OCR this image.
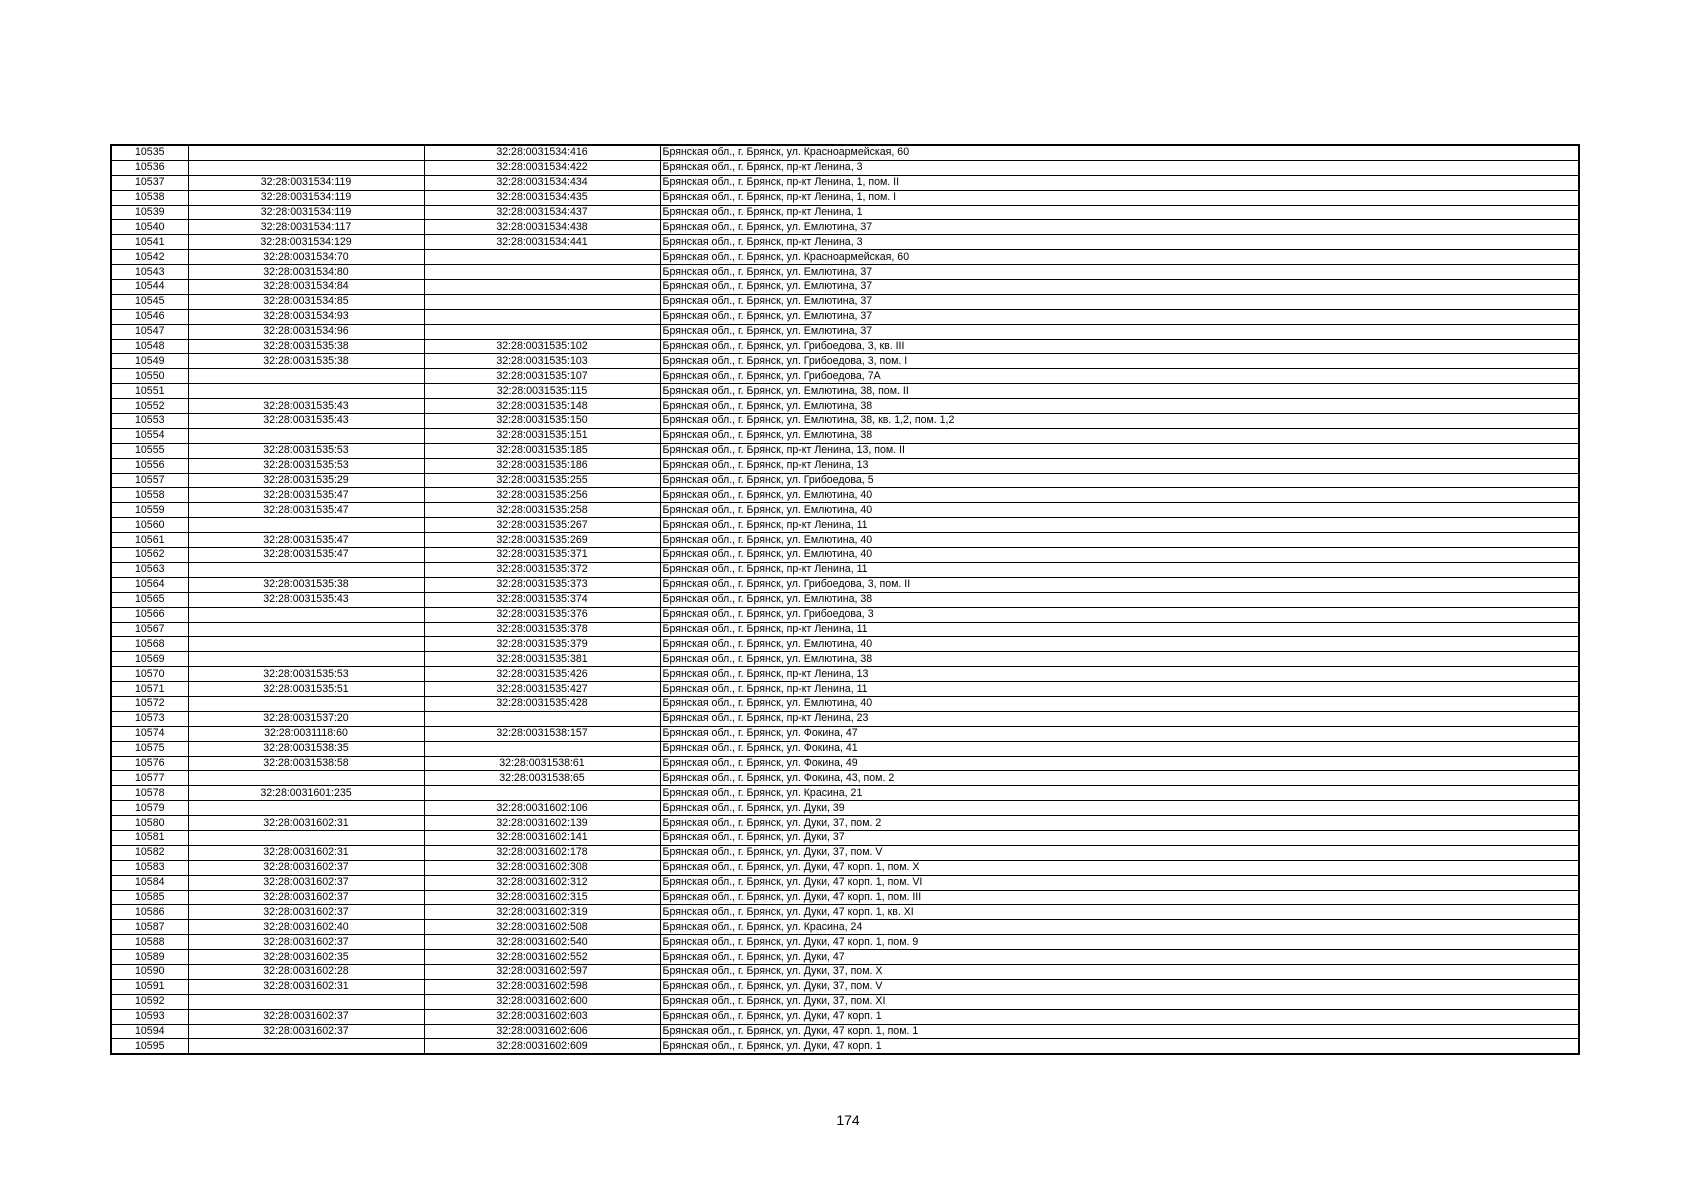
10535		32:28:0031534:416	Брянская обл., г. Брянск, ул. Красноармейская, 60
10536		32:28:0031534:422	Брянская обл., г. Брянск, пр-кт Ленина, 3
10537	32:28:0031534:119	32:28:0031534:434	Брянская обл., г. Брянск, пр-кт Ленина, 1, пом. II
10538	32:28:0031534:119	32:28:0031534:435	Брянская обл., г. Брянск, пр-кт Ленина, 1, пом. I
10539	32:28:0031534:119	32:28:0031534:437	Брянская обл., г. Брянск, пр-кт Ленина, 1
10540	32:28:0031534:117	32:28:0031534:438	Брянская обл., г. Брянск, ул. Емлютина, 37
10541	32:28:0031534:129	32:28:0031534:441	Брянская обл., г. Брянск, пр-кт Ленина, 3
10542	32:28:0031534:70		Брянская обл., г. Брянск, ул. Красноармейская, 60
10543	32:28:0031534:80		Брянская обл., г. Брянск, ул. Емлютина, 37
10544	32:28:0031534:84		Брянская обл., г. Брянск, ул. Емлютина, 37
10545	32:28:0031534:85		Брянская обл., г. Брянск, ул. Емлютина, 37
10546	32:28:0031534:93		Брянская обл., г. Брянск, ул. Емлютина, 37
10547	32:28:0031534:96		Брянская обл., г. Брянск, ул. Емлютина, 37
10548	32:28:0031535:38	32:28:0031535:102	Брянская обл., г. Брянск, ул. Грибоедова, 3, кв. III
10549	32:28:0031535:38	32:28:0031535:103	Брянская обл., г. Брянск, ул. Грибоедова, 3, пом. I
10550		32:28:0031535:107	Брянская обл., г. Брянск, ул. Грибоедова, 7А
10551		32:28:0031535:115	Брянская обл., г. Брянск, ул. Емлютина, 38, пом. II
10552	32:28:0031535:43	32:28:0031535:148	Брянская обл., г. Брянск, ул. Емлютина, 38
10553	32:28:0031535:43	32:28:0031535:150	Брянская обл., г. Брянск, ул. Емлютина, 38, кв. 1,2, пом. 1,2
10554		32:28:0031535:151	Брянская обл., г. Брянск, ул. Емлютина, 38
10555	32:28:0031535:53	32:28:0031535:185	Брянская обл., г. Брянск, пр-кт Ленина, 13, пом. II
10556	32:28:0031535:53	32:28:0031535:186	Брянская обл., г. Брянск, пр-кт Ленина, 13
10557	32:28:0031535:29	32:28:0031535:255	Брянская обл., г. Брянск, ул. Грибоедова, 5
10558	32:28:0031535:47	32:28:0031535:256	Брянская обл., г. Брянск, ул. Емлютина, 40
10559	32:28:0031535:47	32:28:0031535:258	Брянская обл., г. Брянск, ул. Емлютина, 40
10560		32:28:0031535:267	Брянская обл., г. Брянск, пр-кт Ленина, 11
10561	32:28:0031535:47	32:28:0031535:269	Брянская обл., г. Брянск, ул. Емлютина, 40
10562	32:28:0031535:47	32:28:0031535:371	Брянская обл., г. Брянск, ул. Емлютина, 40
10563		32:28:0031535:372	Брянская обл., г. Брянск, пр-кт Ленина, 11
10564	32:28:0031535:38	32:28:0031535:373	Брянская обл., г. Брянск, ул. Грибоедова, 3, пом. II
10565	32:28:0031535:43	32:28:0031535:374	Брянская обл., г. Брянск, ул. Емлютина, 38
10566		32:28:0031535:376	Брянская обл., г. Брянск, ул. Грибоедова, 3
10567		32:28:0031535:378	Брянская обл., г. Брянск, пр-кт Ленина, 11
10568		32:28:0031535:379	Брянская обл., г. Брянск, ул. Емлютина, 40
10569		32:28:0031535:381	Брянская обл., г. Брянск, ул. Емлютина, 38
10570	32:28:0031535:53	32:28:0031535:426	Брянская обл., г. Брянск, пр-кт Ленина, 13
10571	32:28:0031535:51	32:28:0031535:427	Брянская обл., г. Брянск, пр-кт Ленина, 11
10572		32:28:0031535:428	Брянская обл., г. Брянск, ул. Емлютина, 40
10573	32:28:0031537:20		Брянская обл., г. Брянск, пр-кт Ленина, 23
10574	32:28:0031118:60	32:28:0031538:157	Брянская обл., г. Брянск, ул. Фокина, 47
10575	32:28:0031538:35		Брянская обл., г. Брянск, ул. Фокина, 41
10576	32:28:0031538:58	32:28:0031538:61	Брянская обл., г. Брянск, ул. Фокина, 49
10577		32:28:0031538:65	Брянская обл., г. Брянск, ул. Фокина, 43, пом. 2
10578	32:28:0031601:235		Брянская обл., г. Брянск, ул. Красина, 21
10579		32:28:0031602:106	Брянская обл., г. Брянск, ул. Дуки, 39
10580	32:28:0031602:31	32:28:0031602:139	Брянская обл., г. Брянск, ул. Дуки, 37, пом. 2
10581		32:28:0031602:141	Брянская обл., г. Брянск, ул. Дуки, 37
10582	32:28:0031602:31	32:28:0031602:178	Брянская обл., г. Брянск, ул. Дуки, 37, пом. V
10583	32:28:0031602:37	32:28:0031602:308	Брянская обл., г. Брянск, ул. Дуки, 47 корп. 1, пом. X
10584	32:28:0031602:37	32:28:0031602:312	Брянская обл., г. Брянск, ул. Дуки, 47 корп. 1, пом. VI
10585	32:28:0031602:37	32:28:0031602:315	Брянская обл., г. Брянск, ул. Дуки, 47 корп. 1, пом. III
10586	32:28:0031602:37	32:28:0031602:319	Брянская обл., г. Брянск, ул. Дуки, 47 корп. 1, кв. XI
10587	32:28:0031602:40	32:28:0031602:508	Брянская обл., г. Брянск, ул. Красина, 24
10588	32:28:0031602:37	32:28:0031602:540	Брянская обл., г. Брянск, ул. Дуки, 47 корп. 1, пом. 9
10589	32:28:0031602:35	32:28:0031602:552	Брянская обл., г. Брянск, ул. Дуки, 47
10590	32:28:0031602:28	32:28:0031602:597	Брянская обл., г. Брянск, ул. Дуки, 37, пом. X
10591	32:28:0031602:31	32:28:0031602:598	Брянская обл., г. Брянск, ул. Дуки, 37, пом. V
10592		32:28:0031602:600	Брянская обл., г. Брянск, ул. Дуки, 37, пом. XI
10593	32:28:0031602:37	32:28:0031602:603	Брянская обл., г. Брянск, ул. Дуки, 47 корп. 1
10594	32:28:0031602:37	32:28:0031602:606	Брянская обл., г. Брянск, ул. Дуки, 47 корп. 1, пом. 1
10595		32:28:0031602:609	Брянская обл., г. Брянск, ул. Дуки, 47 корп. 1
174
